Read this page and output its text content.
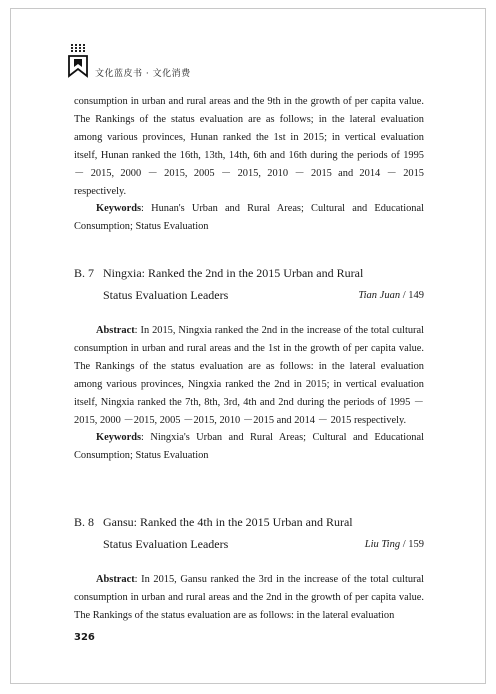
文化蓝皮书 · 文化消费

consumption in urban and rural areas and the 9th in the growth of per capita value. The Rankings of the status evaluation are as follows; in the lateral evaluation among various provinces, Hunan ranked the 1st in 2015; in vertical evaluation itself, Hunan ranked the 16th, 13th, 14th, 6th and 16th during the periods of 1995 － 2015, 2000 － 2015, 2005 － 2015, 2010 － 2015 and 2014 － 2015 respectively.

Keywords: Hunan's Urban and Rural Areas; Cultural and Educational Consumption; Status Evaluation

B. 7 Ningxia: Ranked the 2nd in the 2015 Urban and Rural
Status Evaluation Leaders	Tian Juan / 149

Abstract: In 2015, Ningxia ranked the 2nd in the increase of the total cultural consumption in urban and rural areas and the 1st in the growth of per capita value. The Rankings of the status evaluation are as follows: in the lateral evaluation among various provinces, Ningxia ranked the 2nd in 2015; in vertical evaluation itself, Ningxia ranked the 7th, 8th, 3rd, 4th and 2nd during the periods of 1995 －2015, 2000 －2015, 2005 －2015, 2010 －2015 and 2014 － 2015 respectively.

Keywords: Ningxia's Urban and Rural Areas; Cultural and Educational Consumption; Status Evaluation

B. 8 Gansu: Ranked the 4th in the 2015 Urban and Rural
Status Evaluation Leaders	Liu Ting / 159

Abstract: In 2015, Gansu ranked the 3rd in the increase of the total cultural consumption in urban and rural areas and the 2nd in the growth of per capita value. The Rankings of the status evaluation are as follows: in the lateral evaluation

326
